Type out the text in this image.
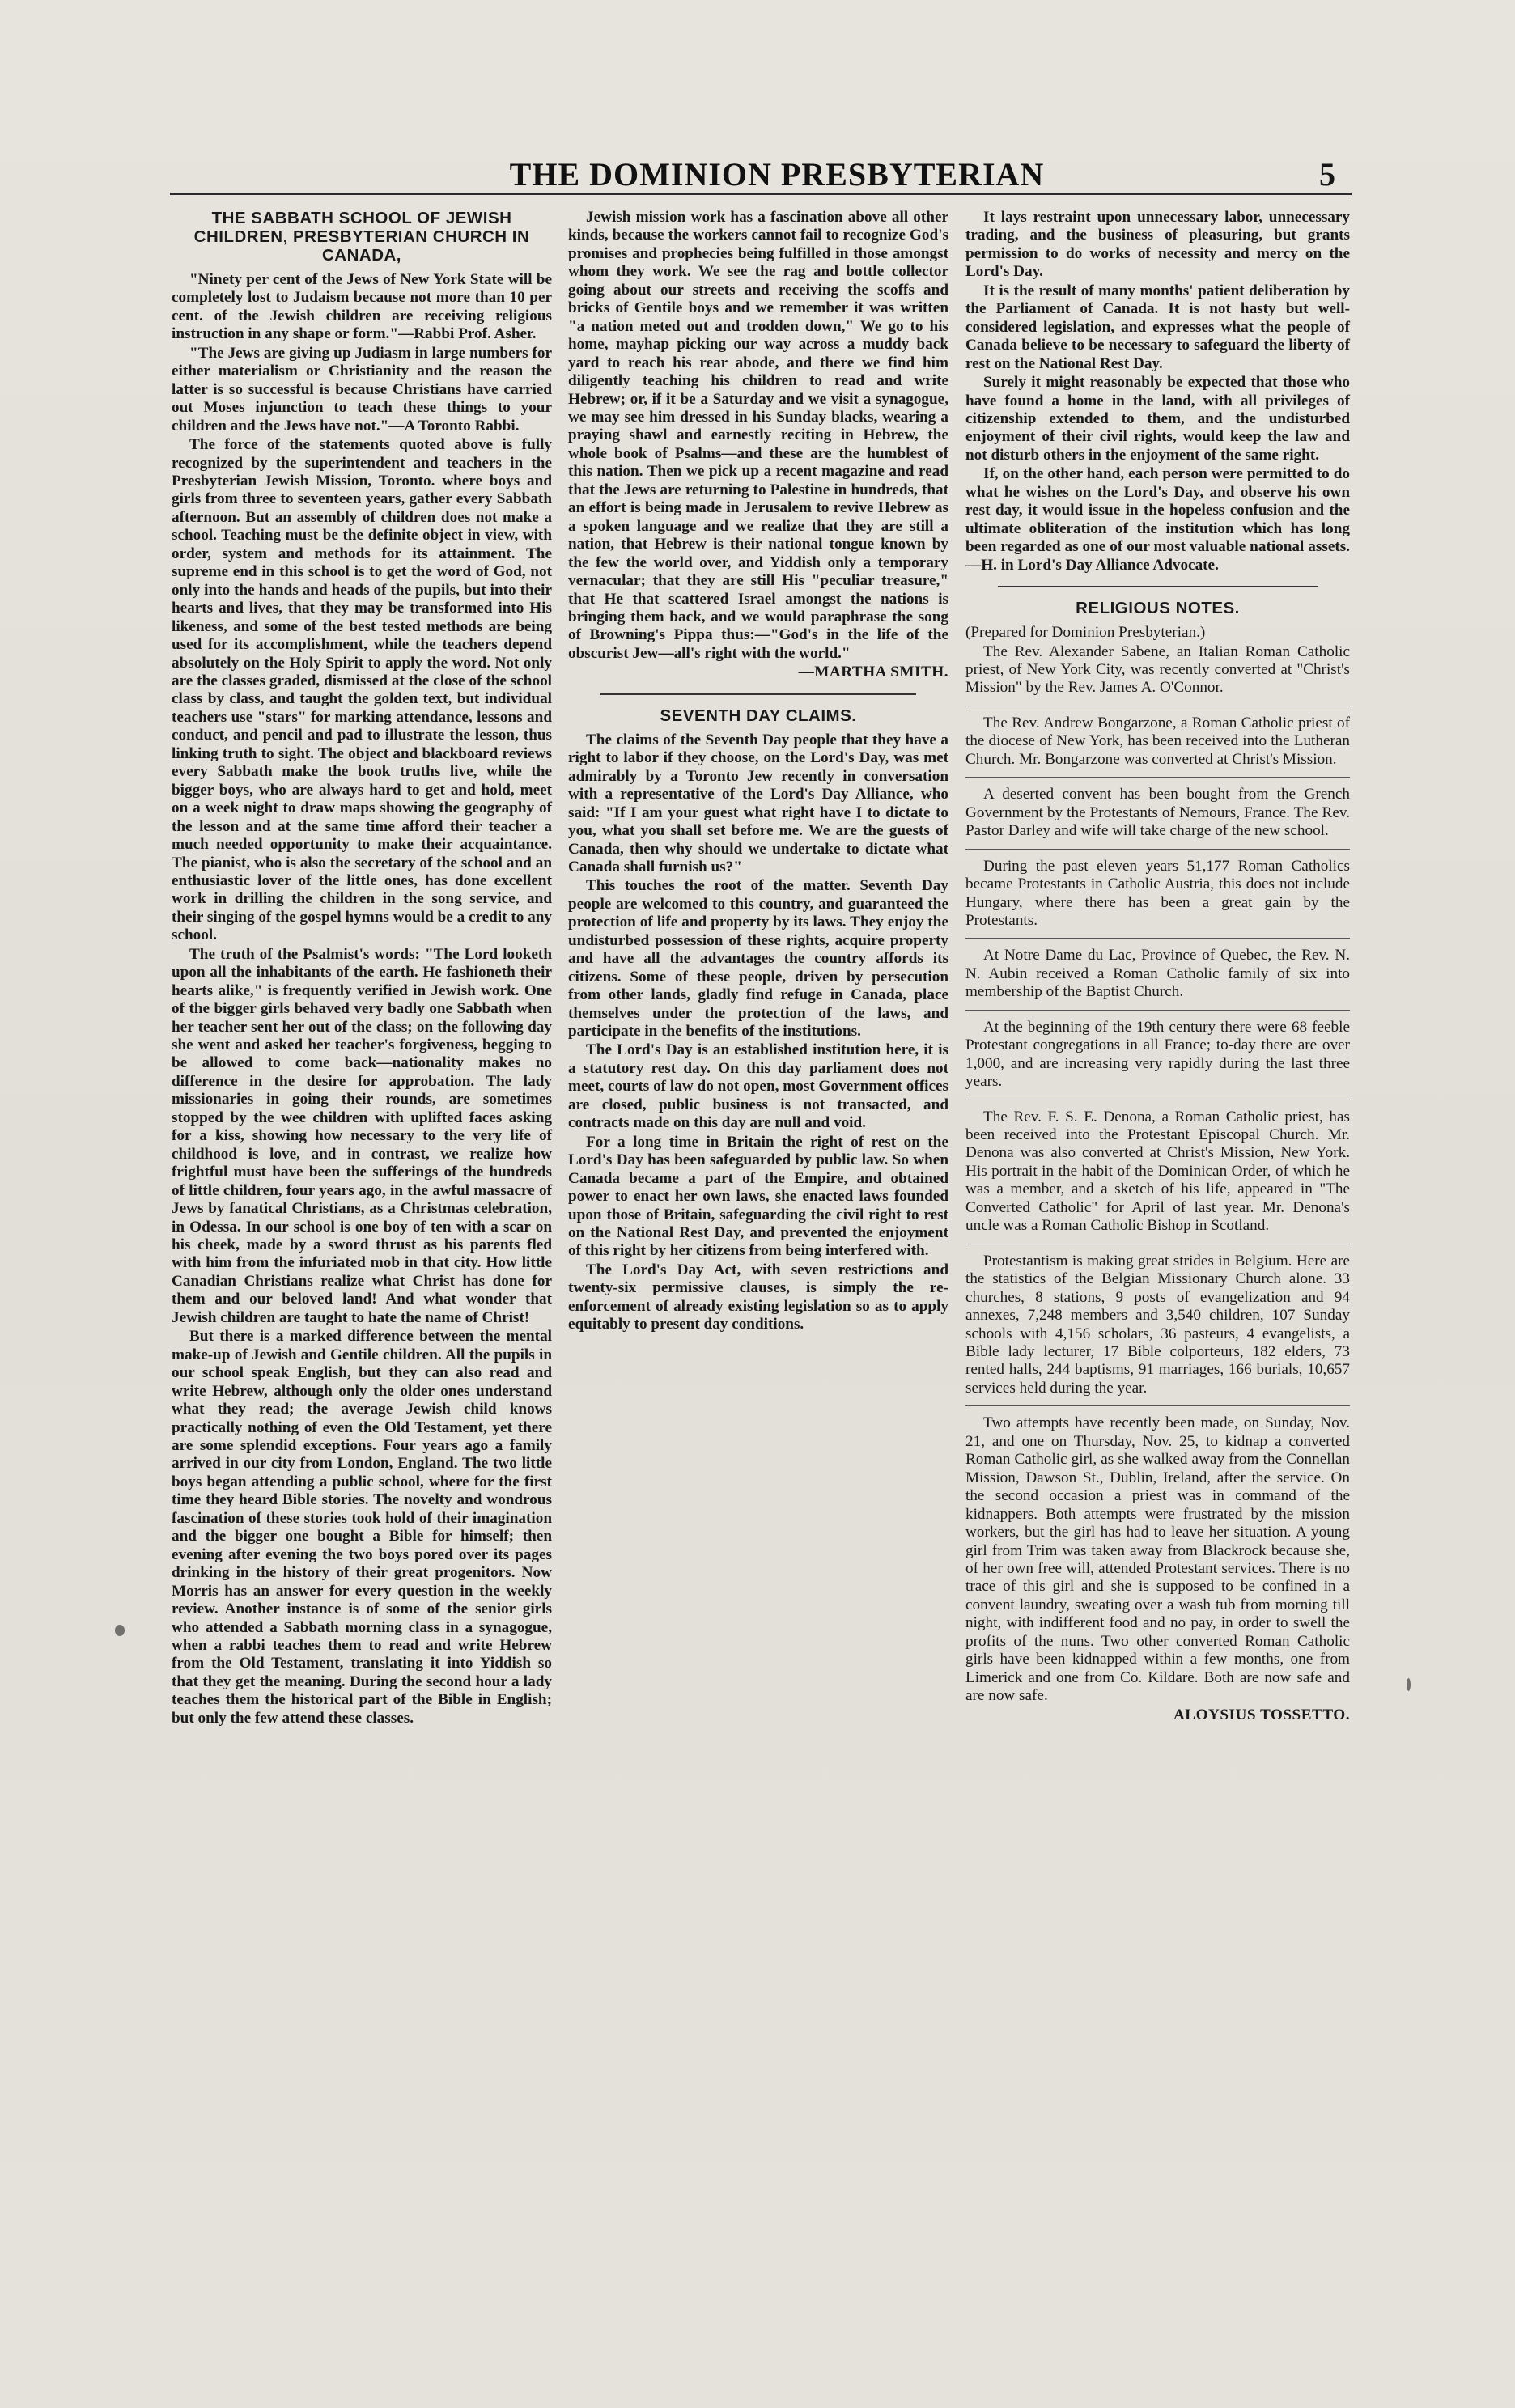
THE DOMINION PRESBYTERIAN	5
THE SABBATH SCHOOL OF JEWISH CHILDREN, PRESBYTERIAN CHURCH IN CANADA,

"Ninety per cent of the Jews of New York State will be completely lost to Judaism because not more than 10 per cent. of the Jewish children are receiving religious instruction in any shape or form."—Rabbi Prof. Asher.

"The Jews are giving up Judiasm in large numbers for either materialism or Christianity and the reason the latter is so successful is because Christians have carried out Moses injunction to teach these things to your children and the Jews have not."—A Toronto Rabbi.

The force of the statements quoted above is fully recognized by the superintendent and teachers in the Presbyterian Jewish Mission, Toronto. where boys and girls from three to seventeen years, gather every Sabbath afternoon. But an assembly of children does not make a school. Teaching must be the definite object in view, with order, system and methods for its attainment. The supreme end in this school is to get the word of God, not only into the hands and heads of the pupils, but into their hearts and lives, that they may be transformed into His likeness, and some of the best tested methods are being used for its accomplishment, while the teachers depend absolutely on the Holy Spirit to apply the word. Not only are the classes graded, dismissed at the close of the school class by class, and taught the golden text, but individual teachers use "stars" for marking attendance, lessons and conduct, and pencil and pad to illustrate the lesson, thus linking truth to sight. The object and blackboard reviews every Sabbath make the book truths live, while the bigger boys, who are always hard to get and hold, meet on a week night to draw maps showing the geography of the lesson and at the same time afford their teacher a much needed opportunity to make their acquaintance. The pianist, who is also the secretary of the school and an enthusiastic lover of the little ones, has done excellent work in drilling the children in the song service, and their singing of the gospel hymns would be a credit to any school.

The truth of the Psalmist's words: "The Lord looketh upon all the inhabitants of the earth. He fashioneth their hearts alike," is frequently verified in Jewish work. One of the bigger girls behaved very badly one Sabbath when her teacher sent her out of the class; on the following day she went and asked her teacher's forgiveness, begging to be allowed to come back—nationality makes no difference in the desire for approbation. The lady missionaries in going their rounds, are sometimes stopped by the wee children with uplifted faces asking for a kiss, showing how necessary to the very life of childhood is love, and in contrast, we realize how frightful must have been the sufferings of the hundreds of little children, four years ago, in the awful massacre of Jews by fanatical Christians, as a Christmas celebration, in Odessa. In our school is one boy of ten with a scar on his cheek, made by a sword thrust as his parents fled with him from the infuriated mob in that city. How little Canadian Christians realize what Christ has done for them and our beloved land! And what wonder that Jewish children are taught to hate the name of Christ!

But there is a marked difference between the mental make-up of Jewish and Gentile children. All the pupils in our school speak English, but they can also read and write Hebrew, although only the older ones understand what they read; the average Jewish child knows practically nothing of even the Old Testament, yet there are some splendid exceptions. Four years ago a family arrived in our city from London, England. The two little boys began attending a public school, where for the first time they heard Bible stories. The novelty and wondrous fascination of these stories took hold of their imagination and the bigger one bought a Bible for himself; then evening after evening the two boys pored over its pages drinking in the history of their great progenitors. Now Morris has an answer for every question in the weekly review. Another instance is of some of the senior girls who attended a Sabbath morning class in a synagogue, when a rabbi teaches them to read and write Hebrew from the Old Testament, translating it into Yiddish so that they get the meaning. During the second hour a lady teaches them the historical part of the Bible in English; but only the few attend these classes.

Jewish mission work has a fascination above all other kinds, because the workers cannot fail to recognize God's promises and prophecies being fulfilled in those amongst whom they work. We see the rag and bottle collector going about our streets and receiving the scoffs and bricks of Gentile boys and we remember it was written "a nation meted out and trodden down," We go to his home, mayhap picking our way across a muddy back yard to reach his rear abode, and there we find him diligently teaching his children to read and write Hebrew; or, if it be a Saturday and we visit a synagogue, we may see him dressed in his Sunday blacks, wearing a praying shawl and earnestly reciting in Hebrew, the whole book of Psalms—and these are the humblest of this nation. Then we pick up a recent magazine and read that the Jews are returning to Palestine in hundreds, that an effort is being made in Jerusalem to revive Hebrew as a spoken language and we realize that they are still a nation, that Hebrew is their national tongue known by the few the world over, and Yiddish only a temporary vernacular; that they are still His "peculiar treasure," that He that scattered Israel amongst the nations is bringing them back, and we would paraphrase the song of Browning's Pippa thus:—"God's in the life of the obscurist Jew—all's right with the world."

—MARTHA SMITH.

SEVENTH DAY CLAIMS.

The claims of the Seventh Day people that they have a right to labor if they choose, on the Lord's Day, was met admirably by a Toronto Jew recently in conversation with a representative of the Lord's Day Alliance, who said: "If I am your guest what right have I to dictate to you, what you shall set before me. We are the guests of Canada, then why should we undertake to dictate what Canada shall furnish us?"

This touches the root of the matter. Seventh Day people are welcomed to this country, and guaranteed the protection of life and property by its laws. They enjoy the undisturbed possession of these rights, acquire property and have all the advantages the country affords its citizens. Some of these people, driven by persecution from other lands, gladly find refuge in Canada, place themselves under the protection of the laws, and participate in the benefits of the institutions.

The Lord's Day is an established institution here, it is a statutory rest day. On this day parliament does not meet, courts of law do not open, most Government offices are closed, public business is not transacted, and contracts made on this day are null and void.

For a long time in Britain the right of rest on the Lord's Day has been safeguarded by public law. So when Canada became a part of the Empire, and obtained power to enact her own laws, she enacted laws founded upon those of Britain, safeguarding the civil right to rest on the National Rest Day, and prevented the enjoyment of this right by her citizens from being interfered with.

The Lord's Day Act, with seven restrictions and twenty-six permissive clauses, is simply the re-enforcement of already existing legislation so as to apply equitably to present day conditions.

It lays restraint upon unnecessary labor, unnecessary trading, and the business of pleasuring, but grants permission to do works of necessity and mercy on the Lord's Day.

It is the result of many months' patient deliberation by the Parliament of Canada. It is not hasty but well-considered legislation, and expresses what the people of Canada believe to be necessary to safeguard the liberty of rest on the National Rest Day.

Surely it might reasonably be expected that those who have found a home in the land, with all privileges of citizenship extended to them, and the undisturbed enjoyment of their civil rights, would keep the law and not disturb others in the enjoyment of the same right.

If, on the other hand, each person were permitted to do what he wishes on the Lord's Day, and observe his own rest day, it would issue in the hopeless confusion and the ultimate obliteration of the institution which has long been regarded as one of our most valuable national assets.—H. in Lord's Day Alliance Advocate.

RELIGIOUS NOTES.

(Prepared for Dominion Presbyterian.)

The Rev. Alexander Sabene, an Italian Roman Catholic priest, of New York City, was recently converted at "Christ's Mission" by the Rev. James A. O'Connor.

The Rev. Andrew Bongarzone, a Roman Catholic priest of the diocese of New York, has been received into the Lutheran Church. Mr. Bongarzone was converted at Christ's Mission.

A deserted convent has been bought from the Grench Government by the Protestants of Nemours, France. The Rev. Pastor Darley and wife will take charge of the new school.

During the past eleven years 51,177 Roman Catholics became Protestants in Catholic Austria, this does not include Hungary, where there has been a great gain by the Protestants.

At Notre Dame du Lac, Province of Quebec, the Rev. N. N. Aubin received a Roman Catholic family of six into membership of the Baptist Church.

At the beginning of the 19th century there were 68 feeble Protestant congregations in all France; to-day there are over 1,000, and are increasing very rapidly during the last three years.

The Rev. F. S. E. Denona, a Roman Catholic priest, has been received into the Protestant Episcopal Church. Mr. Denona was also converted at Christ's Mission, New York. His portrait in the habit of the Dominican Order, of which he was a member, and a sketch of his life, appeared in "The Converted Catholic" for April of last year. Mr. Denona's uncle was a Roman Catholic Bishop in Scotland.

Protestantism is making great strides in Belgium. Here are the statistics of the Belgian Missionary Church alone. 33 churches, 8 stations, 9 posts of evangelization and 94 annexes, 7,248 members and 3,540 children, 107 Sunday schools with 4,156 scholars, 36 pasteurs, 4 evangelists, a Bible lady lecturer, 17 Bible colporteurs, 182 elders, 73 rented halls, 244 baptisms, 91 marriages, 166 burials, 10,657 services held during the year.

Two attempts have recently been made, on Sunday, Nov. 21, and one on Thursday, Nov. 25, to kidnap a converted Roman Catholic girl, as she walked away from the Connellan Mission, Dawson St., Dublin, Ireland, after the service. On the second occasion a priest was in command of the kidnappers. Both attempts were frustrated by the mission workers, but the girl has had to leave her situation. A young girl from Trim was taken away from Blackrock because she, of her own free will, attended Protestant services. There is no trace of this girl and she is supposed to be confined in a convent laundry, sweating over a wash tub from morning till night, with indifferent food and no pay, in order to swell the profits of the nuns. Two other converted Roman Catholic girls have been kidnapped within a few months, one from Limerick and one from Co. Kildare. Both are now safe and are now safe.

ALOYSIUS TOSSETTO.
